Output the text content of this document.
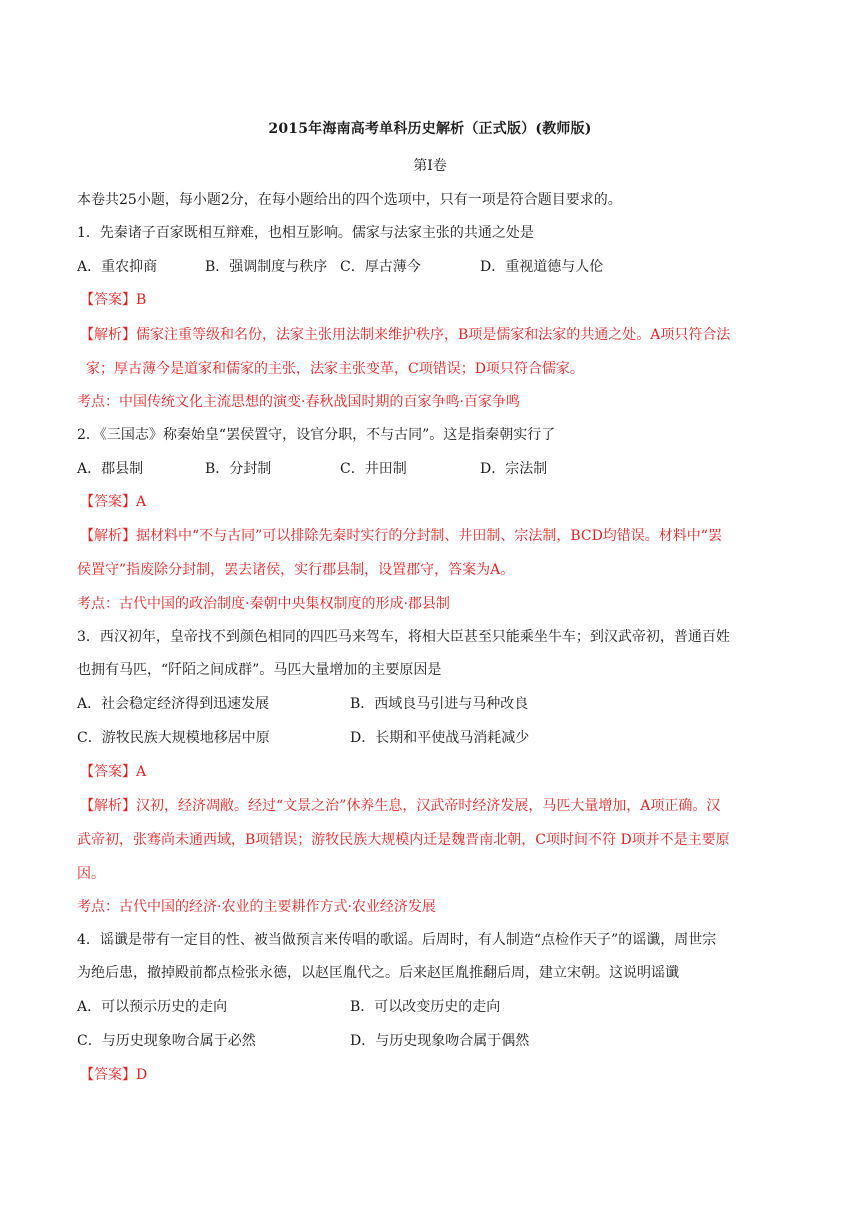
2015年海南高考单科历史解析（正式版）(教师版)
第Ⅰ卷
本卷共25小题，每小题2分，在每小题给出的四个选项中，只有一项是符合题目要求的。
1．先秦诸子百家既相互辩难，也相互影响。儒家与法家主张的共通之处是
A．重农抑商	B．强调制度与秩序 C．厚古薄今	D．重视道德与人伦
【答案】B
【解析】儒家注重等级和名份，法家主张用法制来维护秩序，B项是儒家和法家的共通之处。A项只符合法
家；厚古薄今是道家和儒家的主张，法家主张变革，C项错误；D项只符合儒家。
考点：中国传统文化主流思想的演变·春秋战国时期的百家争鸣·百家争鸣
2．《三国志》称秦始皇“罢侯置守，设官分职，不与古同”。这是指秦朝实行了
A．郡县制	B．分封制	C．井田制	D．宗法制
【答案】A
【解析】据材料中“不与古同”可以排除先秦时实行的分封制、井田制、宗法制，BCD均错误。材料中“罢
侯置守”指废除分封制，罢去诸侯，实行郡县制，设置郡守，答案为A。
考点：古代中国的政治制度·秦朝中央集权制度的形成·郡县制
3．西汉初年，皇帝找不到颜色相同的四匹马来驾车，将相大臣甚至只能乘坐牛车；到汉武帝初，普通百姓
也拥有马匹，“阡陌之间成群”。马匹大量增加的主要原因是
A．社会稳定经济得到迅速发展	B．西域良马引进与马种改良
C．游牧民族大规模地移居中原	D．长期和平使战马消耗减少
【答案】A
【解析】汉初，经济凋敝。经过“文景之治”休养生息，汉武帝时经济发展，马匹大量增加，A项正确。汉
武帝初，张骞尚未通西域，B项错误；游牧民族大规模内迁是魏晋南北朝，C项时间不符 D项并不是主要原
因。
考点：古代中国的经济·农业的主要耕作方式·农业经济发展
4．谣谶是带有一定目的性、被当做预言来传唱的歌谣。后周时，有人制造“点检作天子”的谣谶，周世宗
为绝后患，撤掉殿前都点检张永德，以赵匡胤代之。后来赵匡胤推翻后周，建立宋朝。这说明谣谶
A．可以预示历史的走向	B．可以改变历史的走向
C．与历史现象吻合属于必然	D．与历史现象吻合属于偶然
【答案】D
